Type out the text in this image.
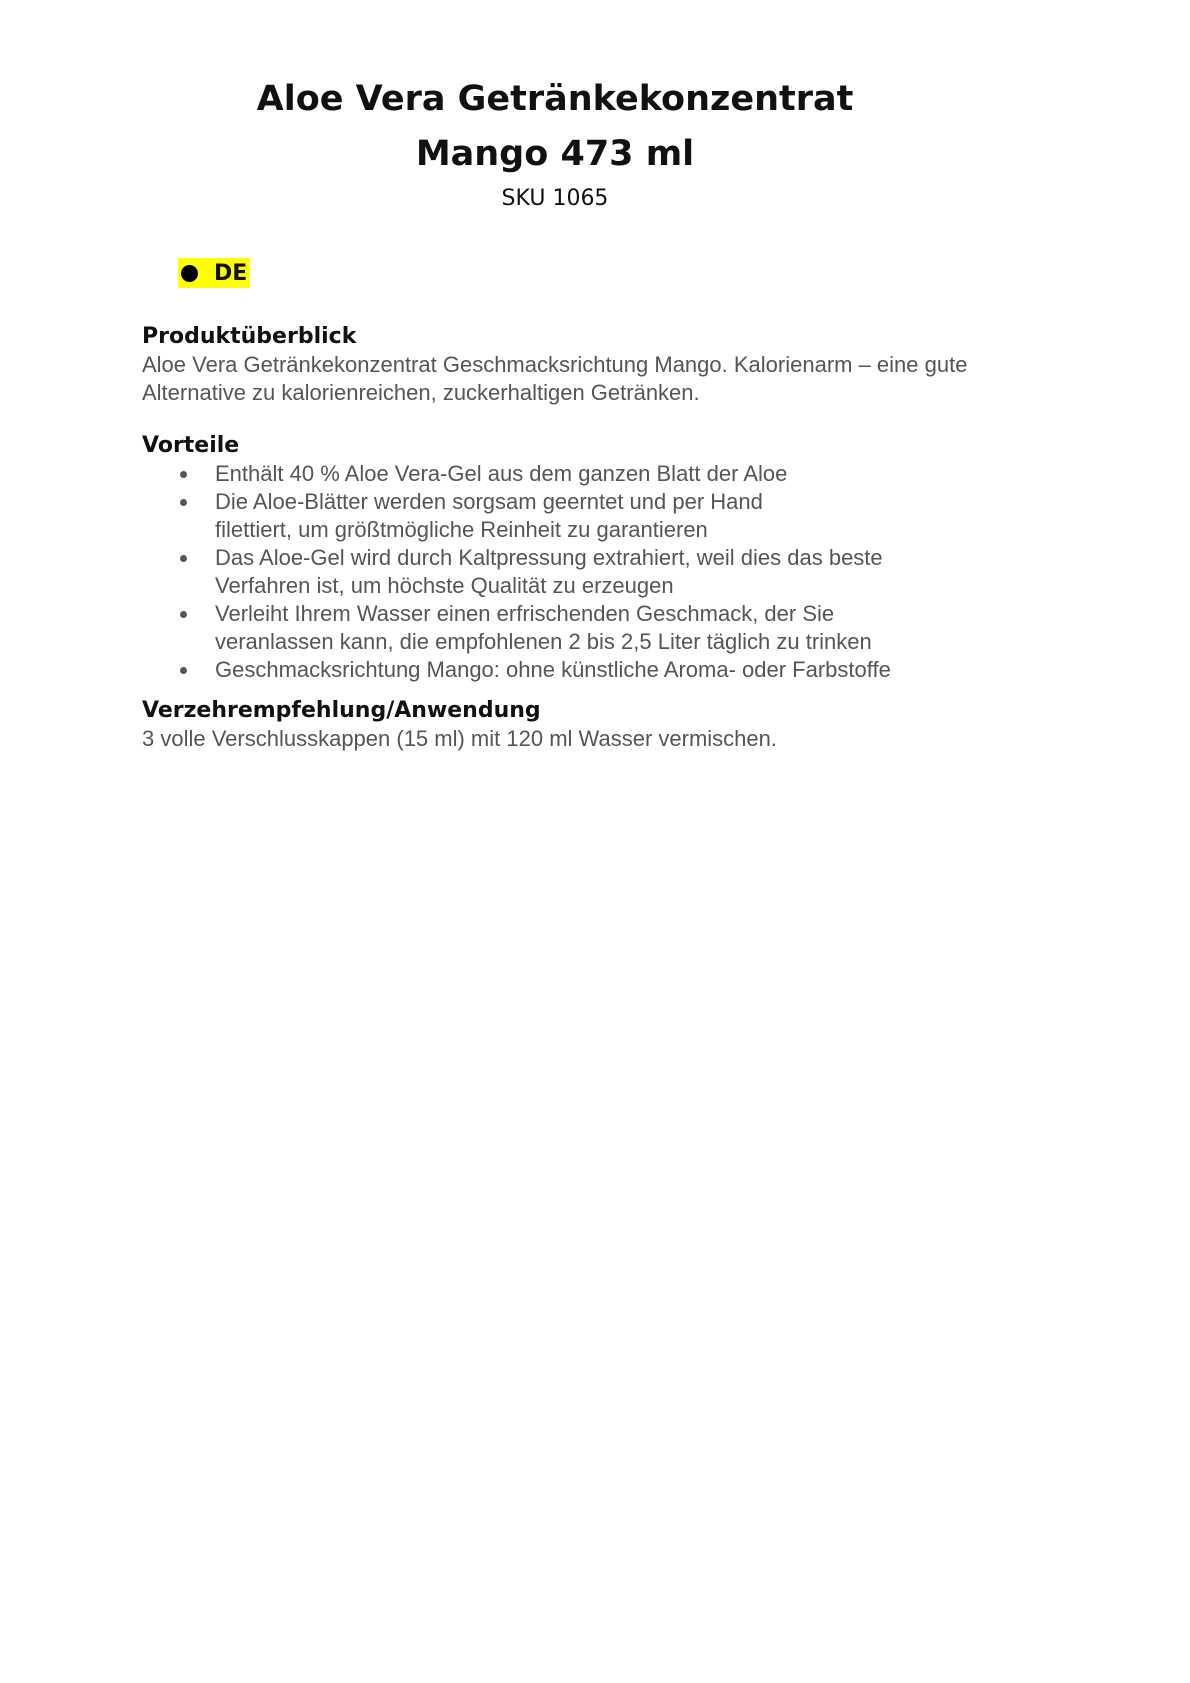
Aloe Vera Getränkekonzentrat
Mango 473 ml
SKU 1065
DE
Produktüberblick

Aloe Vera Getränkekonzentrat Geschmacksrichtung Mango. Kalorienarm – eine gute
Alternative zu kalorienreichen, zuckerhaltigen Getränken.

Vorteile
Enthält 40 % Aloe Vera-Gel aus dem ganzen Blatt der Aloe
Die Aloe-Blätter werden sorgsam geerntet und per Hand
filettiert, um größtmögliche Reinheit zu garantieren
Das Aloe-Gel wird durch Kaltpressung extrahiert, weil dies das beste
Verfahren ist, um höchste Qualität zu erzeugen
Verleiht Ihrem Wasser einen erfrischenden Geschmack, der Sie
veranlassen kann, die empfohlenen 2 bis 2,5 Liter täglich zu trinken
Geschmacksrichtung Mango: ohne künstliche Aroma- oder Farbstoffe
Verzehrempfehlung/Anwendung

3 volle Verschlusskappen (15 ml) mit 120 ml Wasser vermischen.
